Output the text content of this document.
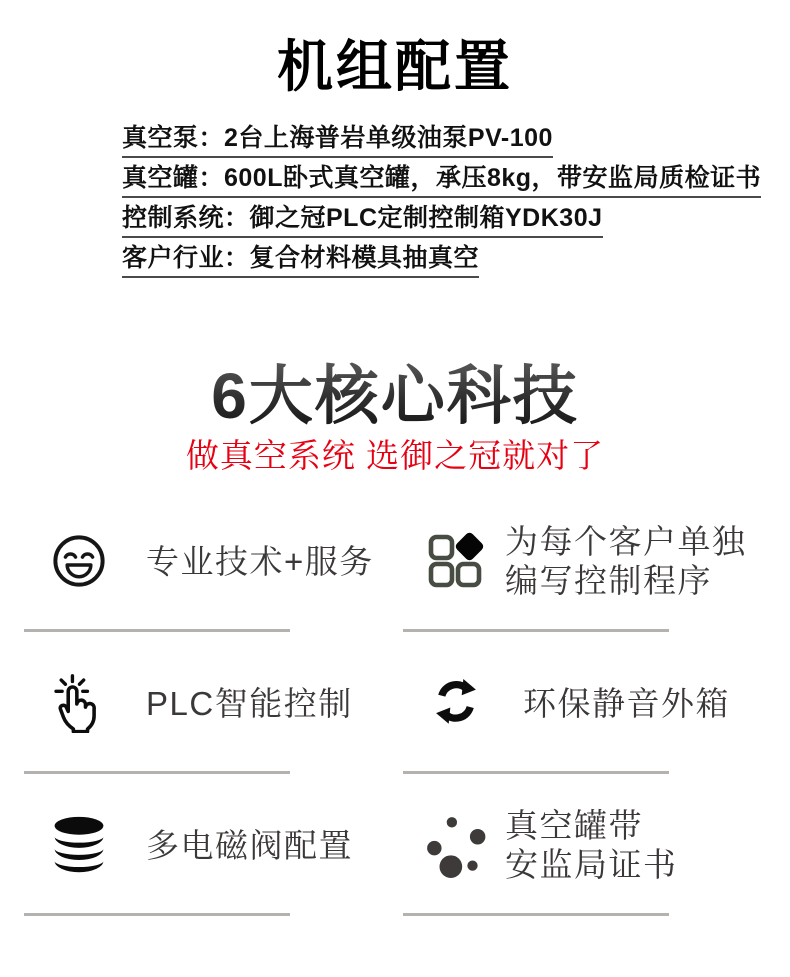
机组配置
真空泵：2台上海普岩单级油泵PV-100
真空罐：600L卧式真空罐，承压8kg，带安监局质检证书
控制系统：御之冠PLC定制控制箱YDK30J
客户行业：复合材料模具抽真空
6大核心科技
做真空系统 选御之冠就对了
专业技术+服务
为每个客户单独
编写控制程序
PLC智能控制	环保静音外箱
多电磁阀配置
真空罐带
安监局证书
